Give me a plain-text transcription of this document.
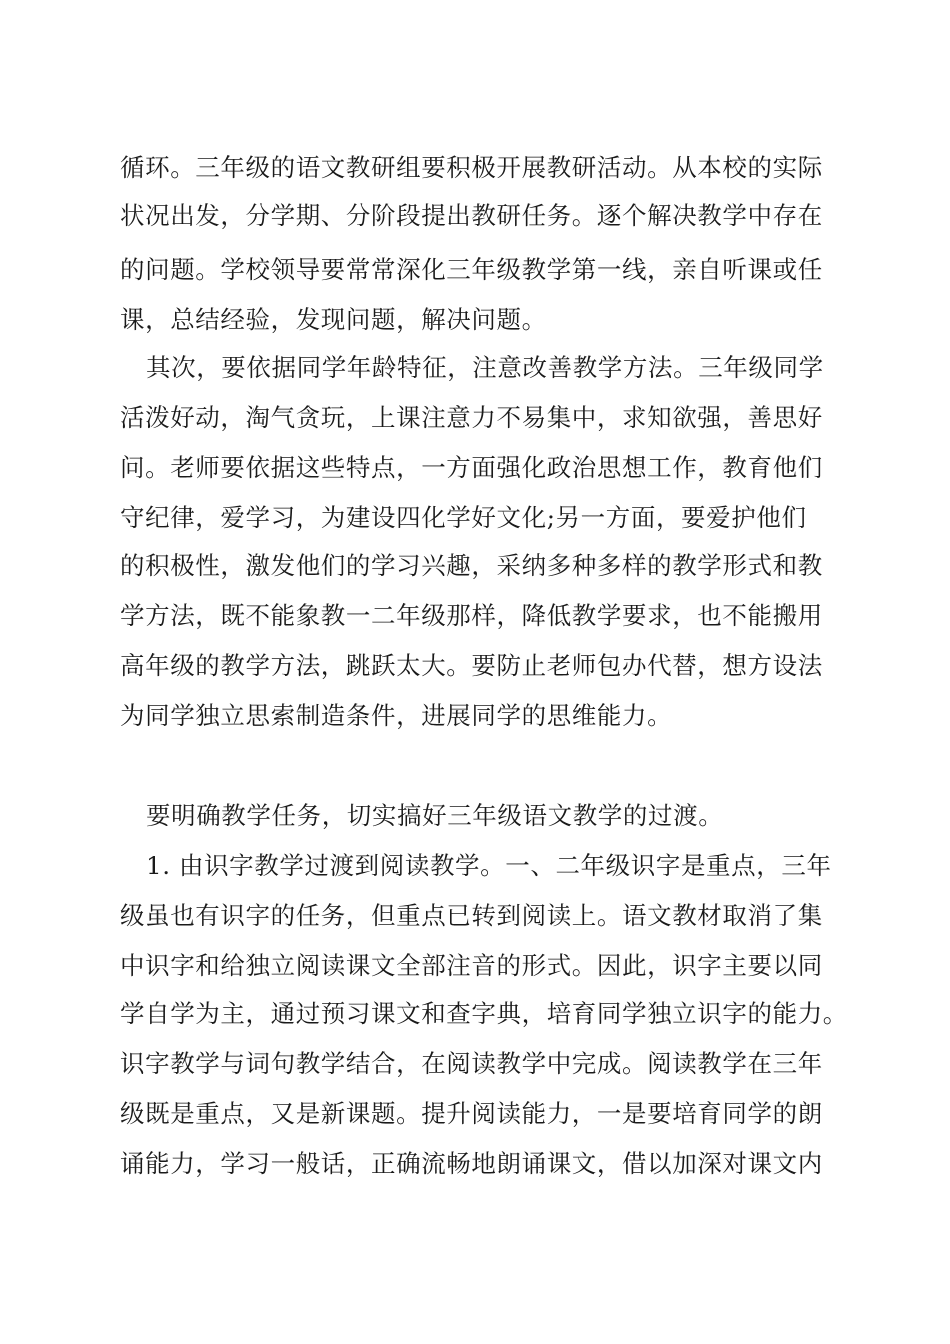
循环。三年级的语文教研组要积极开展教研活动。从本校的实际
状况出发，分学期、分阶段提出教研任务。逐个解决教学中存在
的问题。学校领导要常常深化三年级教学第一线，亲自听课或任
课，总结经验，发现问题，解决问题。
其次，要依据同学年龄特征，注意改善教学方法。三年级同学
活泼好动，淘气贪玩，上课注意力不易集中，求知欲强，善思好
问。老师要依据这些特点，一方面强化政治思想工作，教育他们
守纪律，爱学习，为建设四化学好文化;另一方面，要爱护他们
的积极性，激发他们的学习兴趣，采纳多种多样的教学形式和教
学方法，既不能象教一二年级那样，降低教学要求，也不能搬用
高年级的教学方法，跳跃太大。要防止老师包办代替，想方设法
为同学独立思索制造条件，进展同学的思维能力。
要明确教学任务，切实搞好三年级语文教学的过渡。
1. 由识字教学过渡到阅读教学。一、二年级识字是重点，三年
级虽也有识字的任务，但重点已转到阅读上。语文教材取消了集
中识字和给独立阅读课文全部注音的形式。因此，识字主要以同
学自学为主，通过预习课文和查字典，培育同学独立识字的能力。
识字教学与词句教学结合，在阅读教学中完成。阅读教学在三年
级既是重点，又是新课题。提升阅读能力，一是要培育同学的朗
诵能力，学习一般话，正确流畅地朗诵课文，借以加深对课文内
